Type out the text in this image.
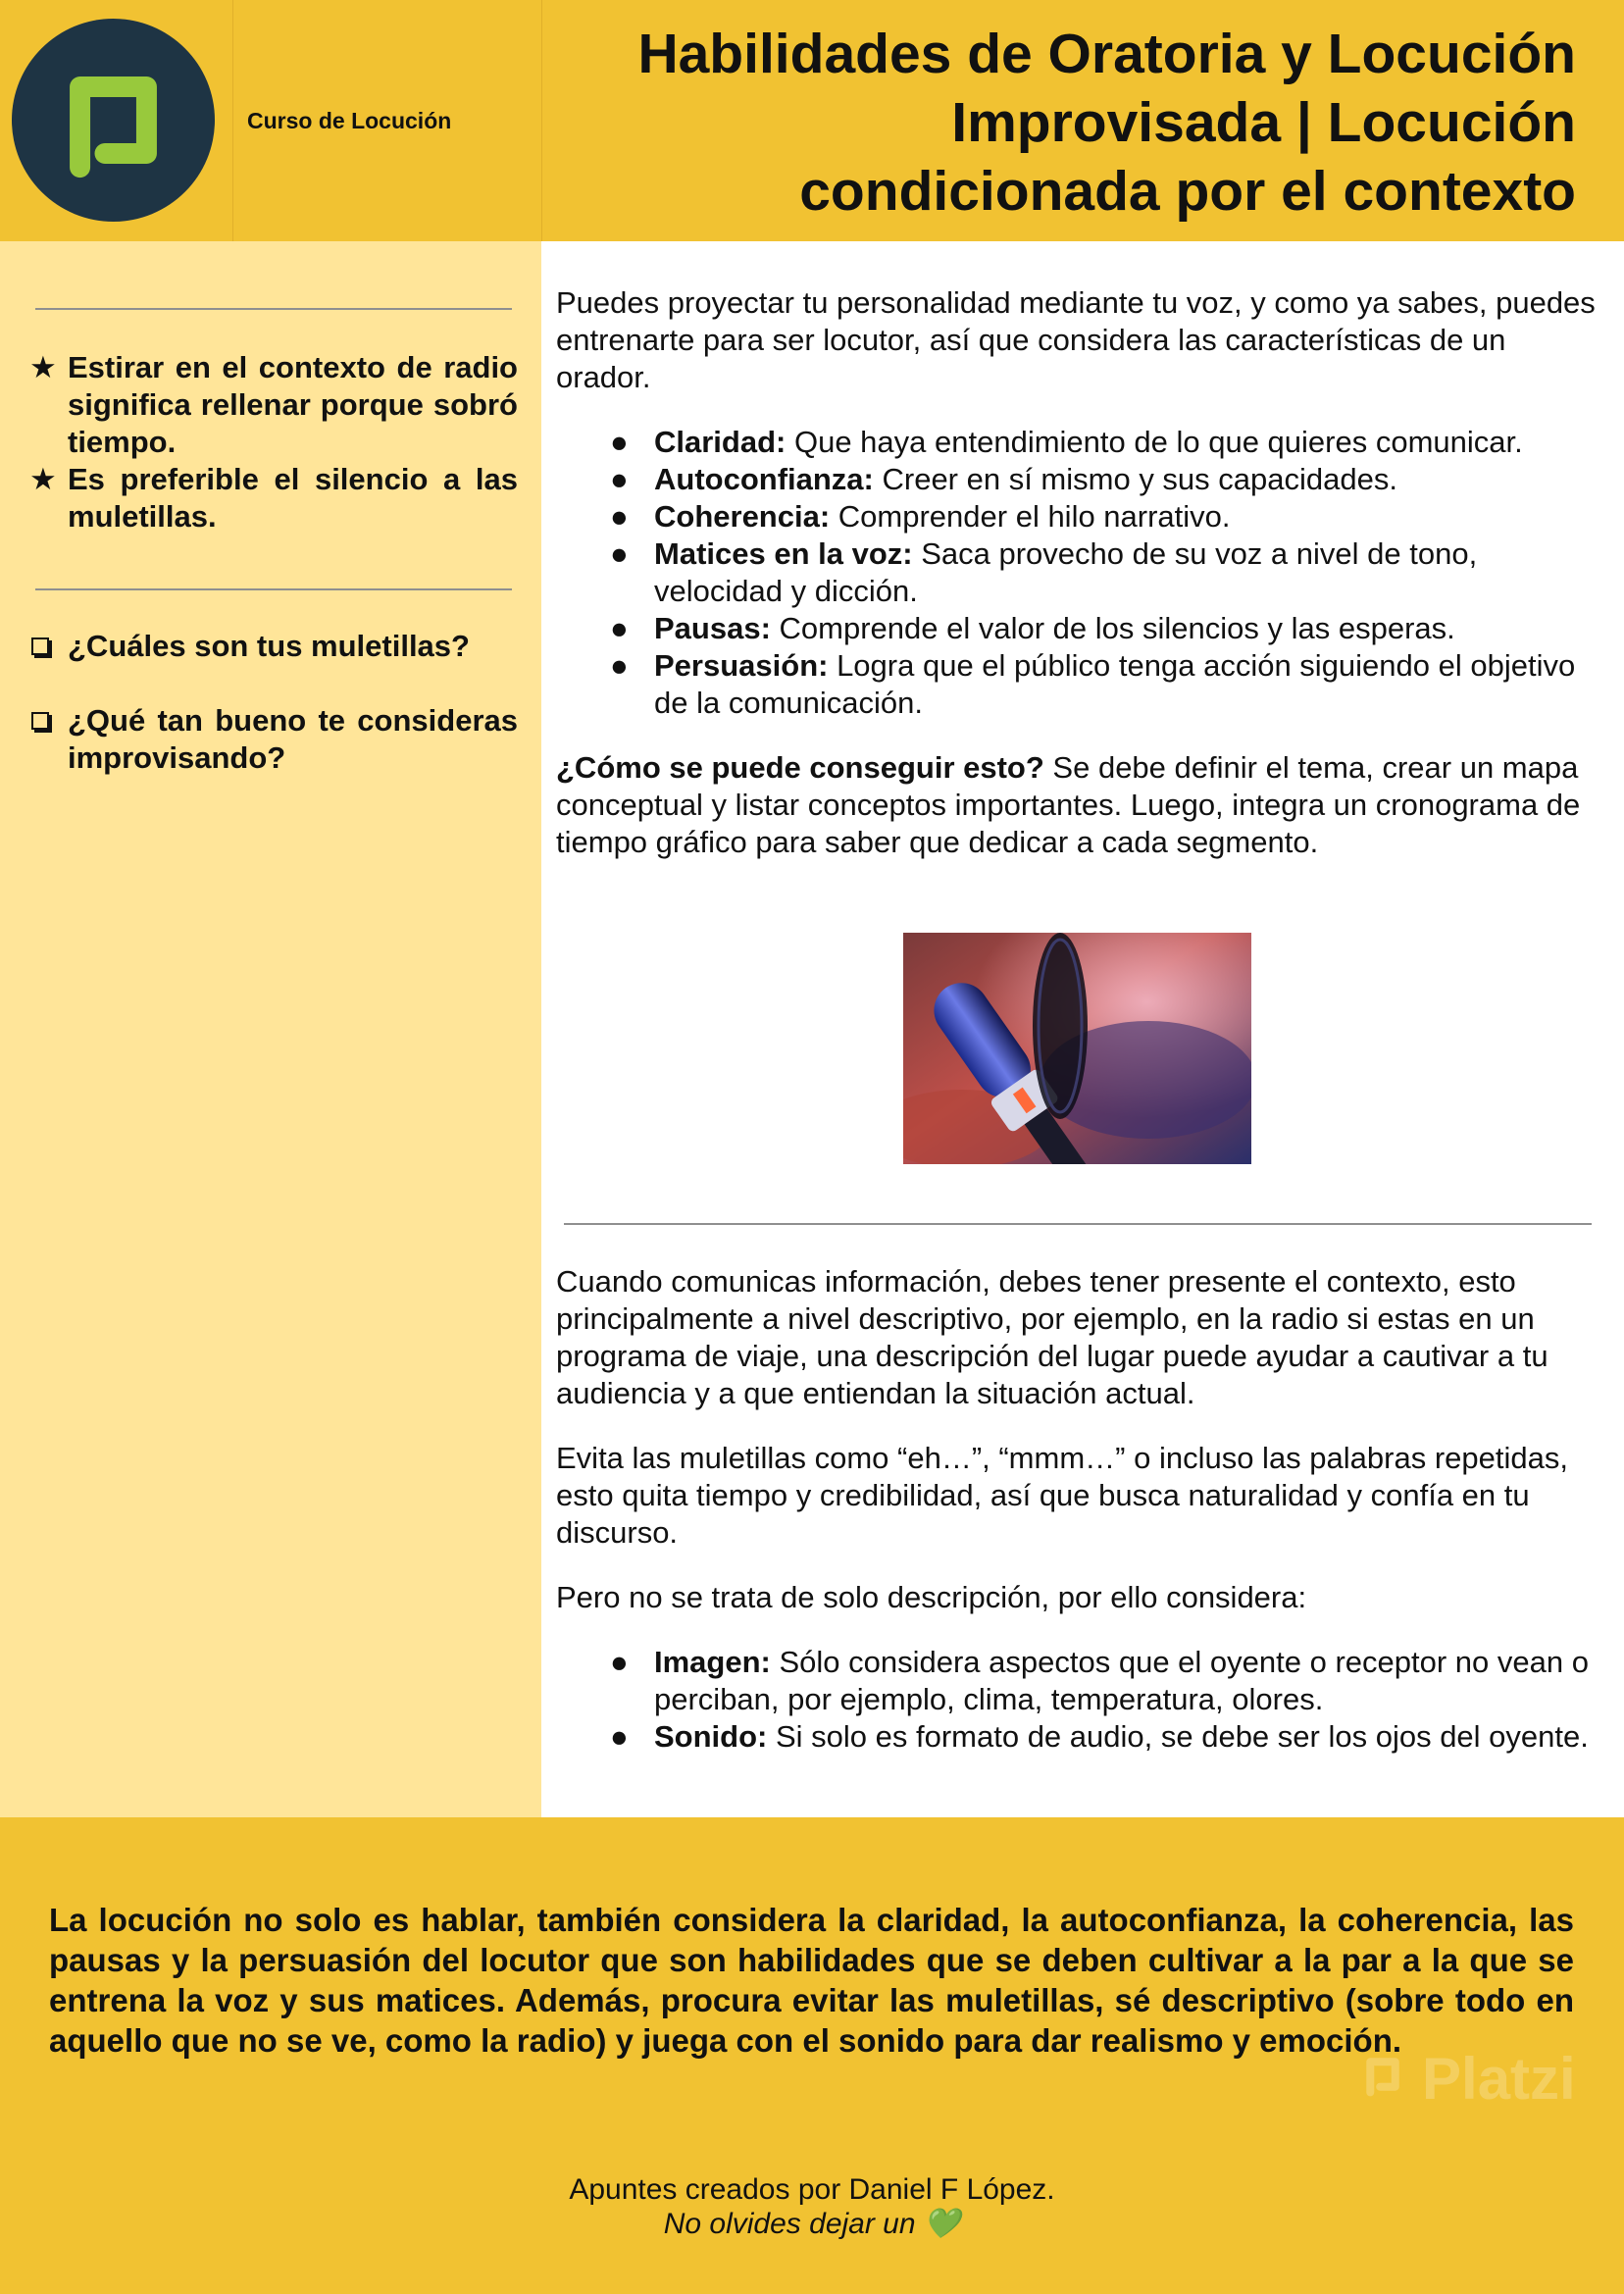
Curso de Locución
Habilidades de Oratoria y Locución
Improvisada | Locución
condicionada por el contexto
★ Estirar en el contexto de radio significa rellenar porque sobró tiempo.
★ Es preferible el silencio a las muletillas.
¿Cuáles son tus muletillas?
¿Qué tan bueno te consideras improvisando?

Puedes proyectar tu personalidad mediante tu voz, y como ya sabes, puedes entrenarte para ser locutor, así que considera las características de un orador.

● Claridad: Que haya entendimiento de lo que quieres comunicar.
● Autoconfianza: Creer en sí mismo y sus capacidades.
● Coherencia: Comprender el hilo narrativo.
● Matices en la voz: Saca provecho de su voz a nivel de tono, velocidad y dicción.
● Pausas: Comprende el valor de los silencios y las esperas.
● Persuasión: Logra que el público tenga acción siguiendo el objetivo de la comunicación.

¿Cómo se puede conseguir esto? Se debe definir el tema, crear un mapa conceptual y listar conceptos importantes. Luego, integra un cronograma de tiempo gráfico para saber que dedicar a cada segmento.

Cuando comunicas información, debes tener presente el contexto, esto principalmente a nivel descriptivo, por ejemplo, en la radio si estas en un programa de viaje, una descripción del lugar puede ayudar a cautivar a tu audiencia y a que entiendan la situación actual.

Evita las muletillas como “eh…”, “mmm…” o incluso las palabras repetidas, esto quita tiempo y credibilidad, así que busca naturalidad y confía en tu discurso.

Pero no se trata de solo descripción, por ello considera:

● Imagen: Sólo considera aspectos que el oyente o receptor no vean o perciban, por ejemplo, clima, temperatura, olores.
● Sonido: Si solo es formato de audio, se debe ser los ojos del oyente.

La locución no solo es hablar, también considera la claridad, la autoconfianza, la coherencia, las pausas y la persuasión del locutor que son habilidades que se deben cultivar a la par a la que se entrena la voz y sus matices. Además, procura evitar las muletillas, sé descriptivo (sobre todo en aquello que no se ve, como la radio) y juega con el sonido para dar realismo y emoción.

Apuntes creados por Daniel F López.
No olvides dejar un 💚
Platzi
